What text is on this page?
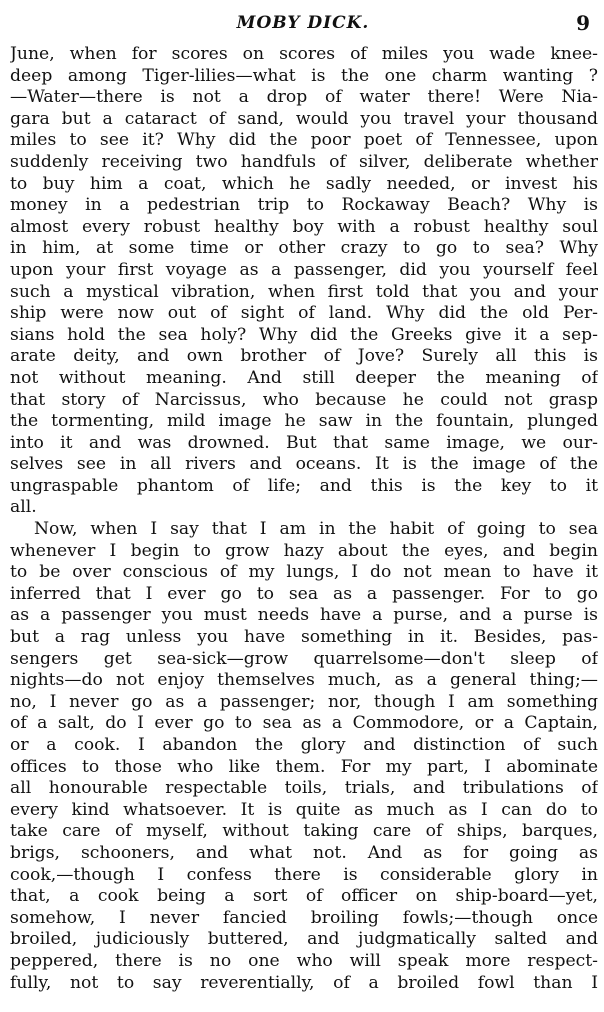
MOBY DICK.	9
June, when for scores on scores of miles you wade knee-
deep among Tiger-lilies—what is the one charm wanting ?
—Water—there is not a drop of water there! Were Nia-
gara but a cataract of sand, would you travel your thousand
miles to see it? Why did the poor poet of Tennessee, upon
suddenly receiving two handfuls of silver, deliberate whether
to buy him a coat, which he sadly needed, or invest his
money in a pedestrian trip to Rockaway Beach? Why is
almost every robust healthy boy with a robust healthy soul
in him, at some time or other crazy to go to sea? Why
upon your first voyage as a passenger, did you yourself feel
such a mystical vibration, when first told that you and your
ship were now out of sight of land. Why did the old Per-
sians hold the sea holy? Why did the Greeks give it a sep-
arate deity, and own brother of Jove? Surely all this is
not without meaning. And still deeper the meaning of
that story of Narcissus, who because he could not grasp
the tormenting, mild image he saw in the fountain, plunged
into it and was drowned. But that same image, we our-
selves see in all rivers and oceans. It is the image of the
ungraspable phantom of life; and this is the key to it
all.
Now, when I say that I am in the habit of going to sea
whenever I begin to grow hazy about the eyes, and begin
to be over conscious of my lungs, I do not mean to have it
inferred that I ever go to sea as a passenger. For to go
as a passenger you must needs have a purse, and a purse is
but a rag unless you have something in it. Besides, pas-
sengers get sea-sick—grow quarrelsome—don't sleep of
nights—do not enjoy themselves much, as a general thing;—
no, I never go as a passenger; nor, though I am something
of a salt, do I ever go to sea as a Commodore, or a Captain,
or a cook. I abandon the glory and distinction of such
offices to those who like them. For my part, I abominate
all honourable respectable toils, trials, and tribulations of
every kind whatsoever. It is quite as much as I can do to
take care of myself, without taking care of ships, barques,
brigs, schooners, and what not. And as for going as
cook,—though I confess there is considerable glory in
that, a cook being a sort of officer on ship-board—yet,
somehow, I never fancied broiling fowls;—though once
broiled, judiciously buttered, and judgmatically salted and
peppered, there is no one who will speak more respect-
fully, not to say reverentially, of a broiled fowl than I
